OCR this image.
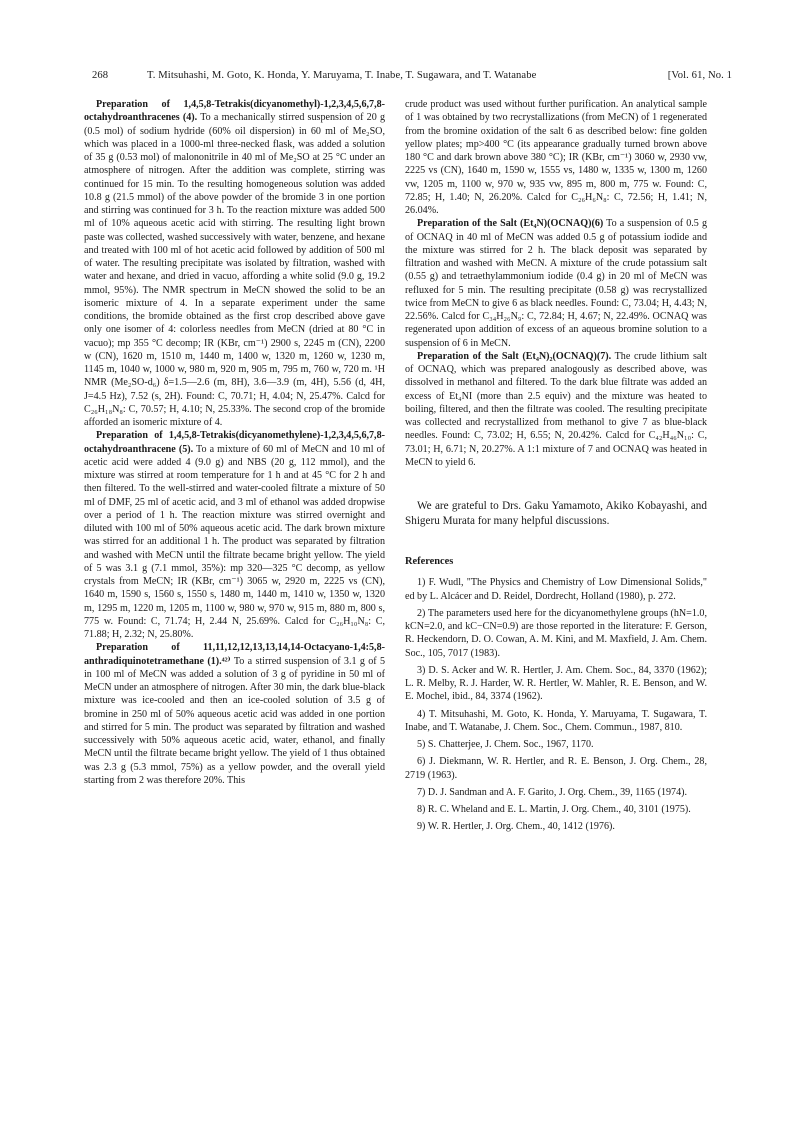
268	T. Mitsuhashi, M. Goto, K. Honda, Y. Maruyama, T. Inabe, T. Sugawara, and T. Watanabe	[Vol. 61, No. 1

Preparation of 1,4,5,8-Tetrakis(dicyanomethyl)-1,2,3,4,5,6,7,8-octahydroanthracenes (4). To a mechanically stirred suspension of 20 g (0.5 mol) of sodium hydride (60% oil dispersion) in 60 ml of Me₂SO, which was placed in a 1000-ml three-necked flask, was added a solution of 35 g (0.53 mol) of malononitrile in 40 ml of Me₂SO at 25 °C under an atmosphere of nitrogen. After the addition was complete, stirring was continued for 15 min. To the resulting homogeneous solution was added 10.8 g (21.5 mmol) of the above powder of the bromide 3 in one portion and stirring was continued for 3 h. To the reaction mixture was added 500 ml of 10% aqueous acetic acid with stirring. The resulting light brown paste was collected, washed successively with water, benzene, and hexane and treated with 100 ml of hot acetic acid followed by addition of 500 ml of water. The resulting precipitate was isolated by filtration, washed with water and hexane, and dried in vacuo, affording a white solid (9.0 g, 19.2 mmol, 95%). The NMR spectrum in MeCN showed the solid to be an isomeric mixture of 4. In a separate experiment under the same conditions, the bromide obtained as the first crop described above gave only one isomer of 4: colorless needles from MeCN (dried at 80 °C in vacuo); mp 355 °C decomp; IR (KBr, cm⁻¹) 2900 s, 2245 m (CN), 2200 w (CN), 1620 m, 1510 m, 1440 m, 1400 w, 1320 m, 1260 w, 1230 m, 1145 m, 1040 w, 1000 w, 980 m, 920 m, 905 m, 795 m, 760 w, 720 m. ¹H NMR (Me₂SO-d₆) δ=1.5—2.6 (m, 8H), 3.6—3.9 (m, 4H), 5.56 (d, 4H, J=4.5 Hz), 7.52 (s, 2H). Found: C, 70.71; H, 4.04; N, 25.47%. Calcd for C₂₆H₁₈N₈: C, 70.57; H, 4.10; N, 25.33%. The second crop of the bromide afforded an isomeric mixture of 4.

Preparation of 1,4,5,8-Tetrakis(dicyanomethylene)-1,2,3,4,5,6,7,8-octahydroanthracene (5). To a mixture of 60 ml of MeCN and 10 ml of acetic acid were added 4 (9.0 g) and NBS (20 g, 112 mmol), and the mixture was stirred at room temperature for 1 h and at 45 °C for 2 h and then filtered. To the well-stirred and water-cooled filtrate a mixture of 50 ml of DMF, 25 ml of acetic acid, and 3 ml of ethanol was added dropwise over a period of 1 h. The reaction mixture was stirred overnight and diluted with 100 ml of 50% aqueous acetic acid. The dark brown mixture was stirred for an additional 1 h. The product was separated by filtration and washed with MeCN until the filtrate became bright yellow. The yield of 5 was 3.1 g (7.1 mmol, 35%): mp 320—325 °C decomp, as yellow crystals from MeCN; IR (KBr, cm⁻¹) 3065 w, 2920 m, 2225 vs (CN), 1640 m, 1590 s, 1560 s, 1550 s, 1480 m, 1440 m, 1410 w, 1350 w, 1320 m, 1295 m, 1220 m, 1205 m, 1100 w, 980 w, 970 w, 915 m, 880 m, 800 s, 775 w. Found: C, 71.74; H, 2.44 N, 25.69%. Calcd for C₂₆H₁₀N₈: C, 71.88; H, 2.32; N, 25.80%.

Preparation of 11,11,12,12,13,13,14,14-Octacyano-1,4:5,8-anthradiquinotetramethane (1).⁴²⁾ To a stirred suspension of 3.1 g of 5 in 100 ml of MeCN was added a solution of 3 g of pyridine in 50 ml of MeCN under an atmosphere of nitrogen. After 30 min, the dark blue-black mixture was ice-cooled and then an ice-cooled solution of 3.5 g of bromine in 250 ml of 50% aqueous acetic acid was added in one portion and stirred for 5 min. The product was separated by filtration and washed successively with 50% aqueous acetic acid, water, ethanol, and finally MeCN until the filtrate became bright yellow. The yield of 1 thus obtained was 2.3 g (5.3 mmol, 75%) as a yellow powder, and the overall yield starting from 2 was therefore 20%. This

crude product was used without further purification. An analytical sample of 1 was obtained by two recrystallizations (from MeCN) of 1 regenerated from the bromine oxidation of the salt 6 as described below: fine golden yellow plates; mp>400 °C (its appearance gradually turned brown above 180 °C and dark brown above 380 °C); IR (KBr, cm⁻¹) 3060 w, 2930 vw, 2225 vs (CN), 1640 m, 1590 w, 1555 vs, 1480 w, 1335 w, 1300 m, 1260 vw, 1205 m, 1100 w, 970 w, 935 vw, 895 m, 800 m, 775 w. Found: C, 72.85; H, 1.40; N, 26.20%. Calcd for C₂₆H₆N₈: C, 72.56; H, 1.41; N, 26.04%.

Preparation of the Salt (Et₄N)(OCNAQ)(6) To a suspension of 0.5 g of OCNAQ in 40 ml of MeCN was added 0.5 g of potassium iodide and the mixture was stirred for 2 h. The black deposit was separated by filtration and washed with MeCN. A mixture of the crude potassium salt (0.55 g) and tetraethylammonium iodide (0.4 g) in 20 ml of MeCN was refluxed for 5 min. The resulting precipitate (0.58 g) was recrystallized twice from MeCN to give 6 as black needles. Found: C, 73.04; H, 4.43; N, 22.56%. Calcd for C₃₄H₂₆N₉: C, 72.84; H, 4.67; N, 22.49%. OCNAQ was regenerated upon addition of excess of an aqueous bromine solution to a suspension of 6 in MeCN.

Preparation of the Salt (Et₄N)₂(OCNAQ)(7). The crude lithium salt of OCNAQ, which was prepared analogously as described above, was dissolved in methanol and filtered. To the dark blue filtrate was added an excess of Et₄NI (more than 2.5 equiv) and the mixture was heated to boiling, filtered, and then the filtrate was cooled. The resulting precipitate was collected and recrystallized from methanol to give 7 as blue-black needles. Found: C, 73.02; H, 6.55; N, 20.42%. Calcd for C₄₂H₄₆N₁₀: C, 73.01; H, 6.71; N, 20.27%. A 1:1 mixture of 7 and OCNAQ was heated in MeCN to yield 6.

We are grateful to Drs. Gaku Yamamoto, Akiko Kobayashi, and Shigeru Murata for many helpful discussions.

References

1) F. Wudl, "The Physics and Chemistry of Low Dimensional Solids," ed by L. Alcácer and D. Reidel, Dordrecht, Holland (1980), p. 272.

2) The parameters used here for the dicyanomethylene groups (hN=1.0, kCN=2.0, and kC−CN=0.9) are those reported in the literature: F. Gerson, R. Heckendorn, D. O. Cowan, A. M. Kini, and M. Maxfield, J. Am. Chem. Soc., 105, 7017 (1983).

3) D. S. Acker and W. R. Hertler, J. Am. Chem. Soc., 84, 3370 (1962); L. R. Melby, R. J. Harder, W. R. Hertler, W. Mahler, R. E. Benson, and W. E. Mochel, ibid., 84, 3374 (1962).

4) T. Mitsuhashi, M. Goto, K. Honda, Y. Maruyama, T. Sugawara, T. Inabe, and T. Watanabe, J. Chem. Soc., Chem. Commun., 1987, 810.

5) S. Chatterjee, J. Chem. Soc., 1967, 1170.

6) J. Diekmann, W. R. Hertler, and R. E. Benson, J. Org. Chem., 28, 2719 (1963).

7) D. J. Sandman and A. F. Garito, J. Org. Chem., 39, 1165 (1974).

8) R. C. Wheland and E. L. Martin, J. Org. Chem., 40, 3101 (1975).

9) W. R. Hertler, J. Org. Chem., 40, 1412 (1976).
